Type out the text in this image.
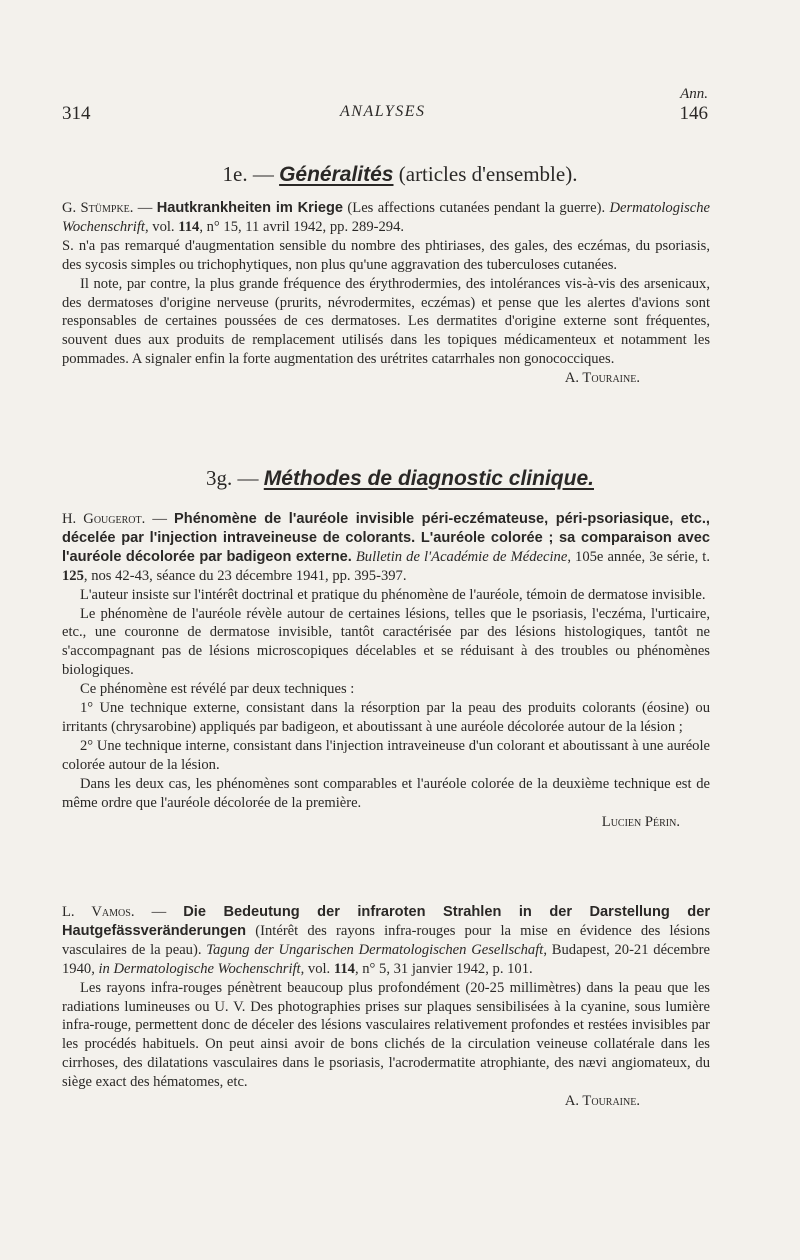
314	ANALYSES
Ann.
146
1e. — Généralités (articles d'ensemble).

G. Stümpke. — Hautkrankheiten im Kriege (Les affections cutanées pendant la guerre). Dermatologische Wochenschrift, vol. 114, n° 15, 11 avril 1942, pp. 289-294.

S. n'a pas remarqué d'augmentation sensible du nombre des phtiriases, des gales, des eczémas, du psoriasis, des sycosis simples ou trichophytiques, non plus qu'une aggravation des tuberculoses cutanées.

Il note, par contre, la plus grande fréquence des érythrodermies, des intolérances vis-à-vis des arsenicaux, des dermatoses d'origine nerveuse (prurits, névrodermites, eczémas) et pense que les alertes d'avions sont responsables de certaines poussées de ces dermatoses. Les dermatites d'origine externe sont fréquentes, souvent dues aux produits de remplacement utilisés dans les topiques médicamenteux et notamment les pommades. A signaler enfin la forte augmentation des urétrites catarrhales non gonococciques.
A. Touraine.

3g. — Méthodes de diagnostic clinique.

H. Gougerot. — Phénomène de l'auréole invisible péri-eczémateuse, péri-psoriasique, etc., décelée par l'injection intraveineuse de colorants. L'auréole colorée ; sa comparaison avec l'auréole décolorée par badigeon externe. Bulletin de l'Académie de Médecine, 105e année, 3e série, t. 125, nos 42-43, séance du 23 décembre 1941, pp. 395-397.

L'auteur insiste sur l'intérêt doctrinal et pratique du phénomène de l'auréole, témoin de dermatose invisible.

Le phénomène de l'auréole révèle autour de certaines lésions, telles que le psoriasis, l'eczéma, l'urticaire, etc., une couronne de dermatose invisible, tantôt caractérisée par des lésions histologiques, tantôt ne s'accompagnant pas de lésions microscopiques décelables et se réduisant à des troubles ou phénomènes biologiques.

Ce phénomène est révélé par deux techniques :

1° Une technique externe, consistant dans la résorption par la peau des produits colorants (éosine) ou irritants (chrysarobine) appliqués par badigeon, et aboutissant à une auréole décolorée autour de la lésion ;

2° Une technique interne, consistant dans l'injection intraveineuse d'un colorant et aboutissant à une auréole colorée autour de la lésion.

Dans les deux cas, les phénomènes sont comparables et l'auréole colorée de la deuxième technique est de même ordre que l'auréole décolorée de la première.

Lucien Périn.

L. Vamos. — Die Bedeutung der infraroten Strahlen in der Darstellung der Hautgefässveränderungen (Intérêt des rayons infra-rouges pour la mise en évidence des lésions vasculaires de la peau). Tagung der Ungarischen Dermatologischen Gesellschaft, Budapest, 20-21 décembre 1940, in Dermatologische Wochenschrift, vol. 114, n° 5, 31 janvier 1942, p. 101.

Les rayons infra-rouges pénètrent beaucoup plus profondément (20-25 millimètres) dans la peau que les radiations lumineuses ou U. V. Des photographies prises sur plaques sensibilisées à la cyanine, sous lumière infra-rouge, permettent donc de déceler des lésions vasculaires relativement profondes et restées invisibles par les procédés habituels. On peut ainsi avoir de bons clichés de la circulation veineuse collatérale dans les cirrhoses, des dilatations vasculaires dans le psoriasis, l'acrodermatite atrophiante, des nævi angiomateux, du siège exact des hématomes, etc.

A. Touraine.
